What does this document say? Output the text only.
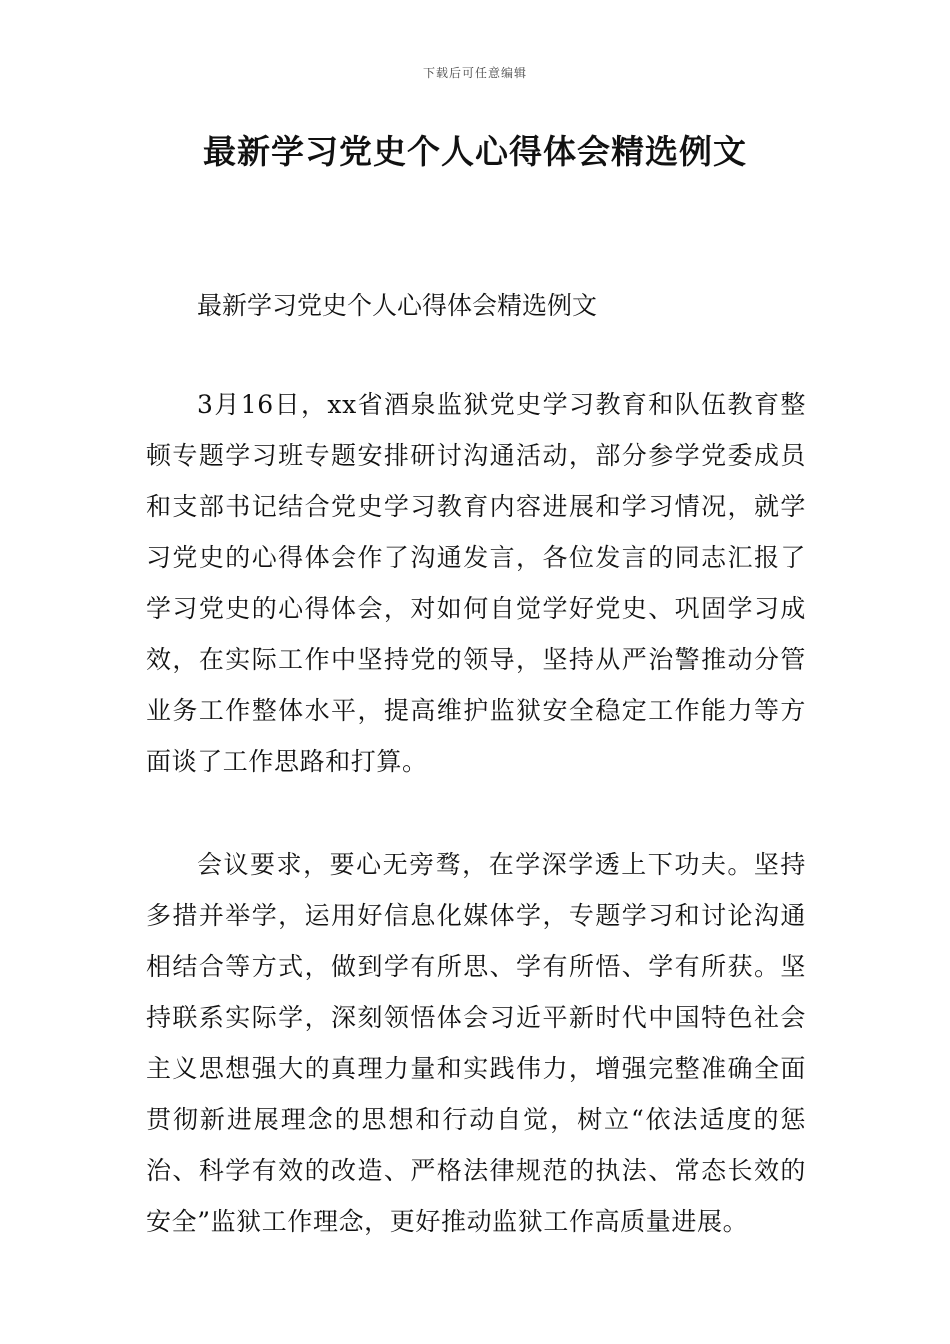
下载后可任意编辑
最新学习党史个人心得体会精选例文

最新学习党史个人心得体会精选例文

3月16日，xx省酒泉监狱党史学习教育和队伍教育整顿专题学习班专题安排研讨沟通活动，部分参学党委成员和支部书记结合党史学习教育内容进展和学习情况，就学习党史的心得体会作了沟通发言，各位发言的同志汇报了学习党史的心得体会，对如何自觉学好党史、巩固学习成效，在实际工作中坚持党的领导，坚持从严治警推动分管业务工作整体水平，提高维护监狱安全稳定工作能力等方面谈了工作思路和打算。

会议要求，要心无旁骛，在学深学透上下功夫。坚持多措并举学，运用好信息化媒体学，专题学习和讨论沟通相结合等方式，做到学有所思、学有所悟、学有所获。坚持联系实际学，深刻领悟体会习近平新时代中国特色社会主义思想强大的真理力量和实践伟力，增强完整准确全面贯彻新进展理念的思想和行动自觉，树立“依法适度的惩治、科学有效的改造、严格法律规范的执法、常态长效的安全”监狱工作理念，更好推动监狱工作高质量进展。
